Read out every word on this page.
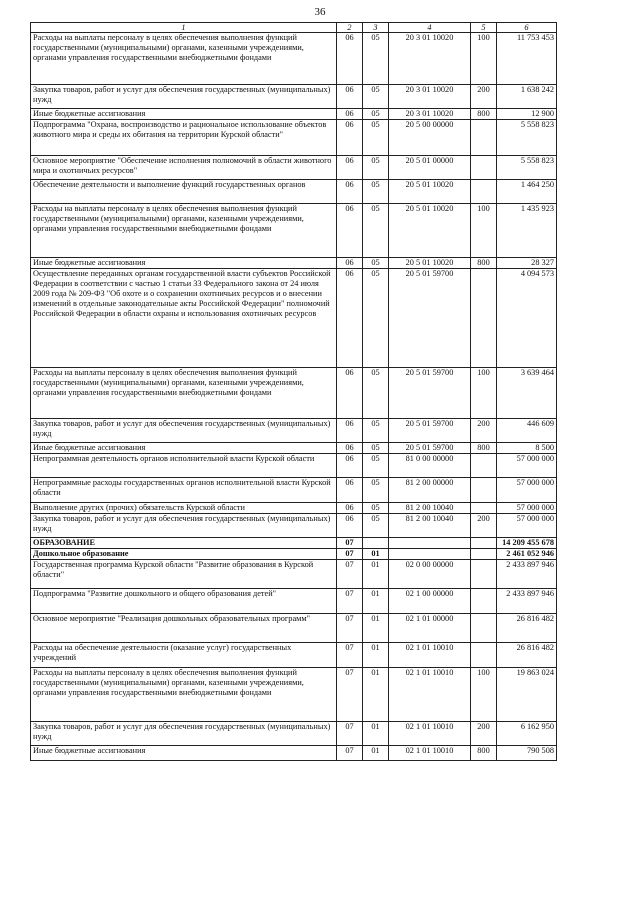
36
1	2	3	4	5	6
Расходы на выплаты персоналу в целях обеспечения выполнения функций государственными (муниципальными) органами, казенными учреждениями, органами управления государственными внебюджетными фондами	06	05	20 3 01 10020	100	11 753 453
Закупка товаров, работ и услуг для обеспечения государственных (муниципальных) нужд	06	05	20 3 01 10020	200	1 638 242
Иные бюджетные ассигнования	06	05	20 3 01 10020	800	12 900
Подпрограмма "Охрана, воспроизводство и рациональное использование объектов животного мира и среды их обитания на территории Курской области"	06	05	20 5 00 00000		5 558 823
Основное мероприятие "Обеспечение исполнения полномочий в области животного мира и охотничьих ресурсов"	06	05	20 5 01 00000		5 558 823
Обеспечение деятельности и выполнение функций государственных органов	06	05	20 5 01 10020		1 464 250
Расходы на выплаты персоналу в целях обеспечения выполнения функций государственными (муниципальными) органами, казенными учреждениями, органами управления государственными внебюджетными фондами	06	05	20 5 01 10020	100	1 435 923
Иные бюджетные ассигнования	06	05	20 5 01 10020	800	28 327
Осуществление переданных органам государственной власти субъектов Российской Федерации в соответствии с частью 1 статьи 33 Федерального закона от 24 июля 2009 года № 209-ФЗ "Об охоте и о сохранении охотничьих ресурсов и о внесении изменений в отдельные законодательные акты Российской Федерации" полномочий Российской Федерации в области охраны и использования охотничьих ресурсов	06	05	20 5 01 59700		4 094 573
Расходы на выплаты персоналу в целях обеспечения выполнения функций государственными (муниципальными) органами, казенными учреждениями, органами управления государственными внебюджетными фондами	06	05	20 5 01 59700	100	3 639 464
Закупка товаров, работ и услуг для обеспечения государственных (муниципальных) нужд	06	05	20 5 01 59700	200	446 609
Иные бюджетные ассигнования	06	05	20 5 01 59700	800	8 500
Непрограммная деятельность органов исполнительной власти Курской области	06	05	81 0 00 00000		57 000 000
Непрограммные расходы государственных органов исполнительной власти Курской области	06	05	81 2 00 00000		57 000 000
Выполнение других (прочих) обязательств Курской области	06	05	81 2 00 10040		57 000 000
Закупка товаров, работ и услуг для обеспечения государственных (муниципальных) нужд	06	05	81 2 00 10040	200	57 000 000
ОБРАЗОВАНИЕ	07				14 209 455 678
Дошкольное образование	07	01			2 461 052 946
Государственная программа Курской области "Развитие образования в Курской области"	07	01	02 0 00 00000		2 433 897 946
Подпрограмма "Развитие дошкольного и общего образования детей"	07	01	02 1 00 00000		2 433 897 946
Основное мероприятие "Реализация дошкольных образовательных программ"	07	01	02 1 01 00000		26 816 482
Расходы на обеспечение деятельности (оказание услуг) государственных учреждений	07	01	02 1 01 10010		26 816 482
Расходы на выплаты персоналу в целях обеспечения выполнения функций государственными (муниципальными) органами, казенными учреждениями, органами управления государственными внебюджетными фондами	07	01	02 1 01 10010	100	19 863 024
Закупка товаров, работ и услуг для обеспечения государственных (муниципальных) нужд	07	01	02 1 01 10010	200	6 162 950
Иные бюджетные ассигнования	07	01	02 1 01 10010	800	790 508
